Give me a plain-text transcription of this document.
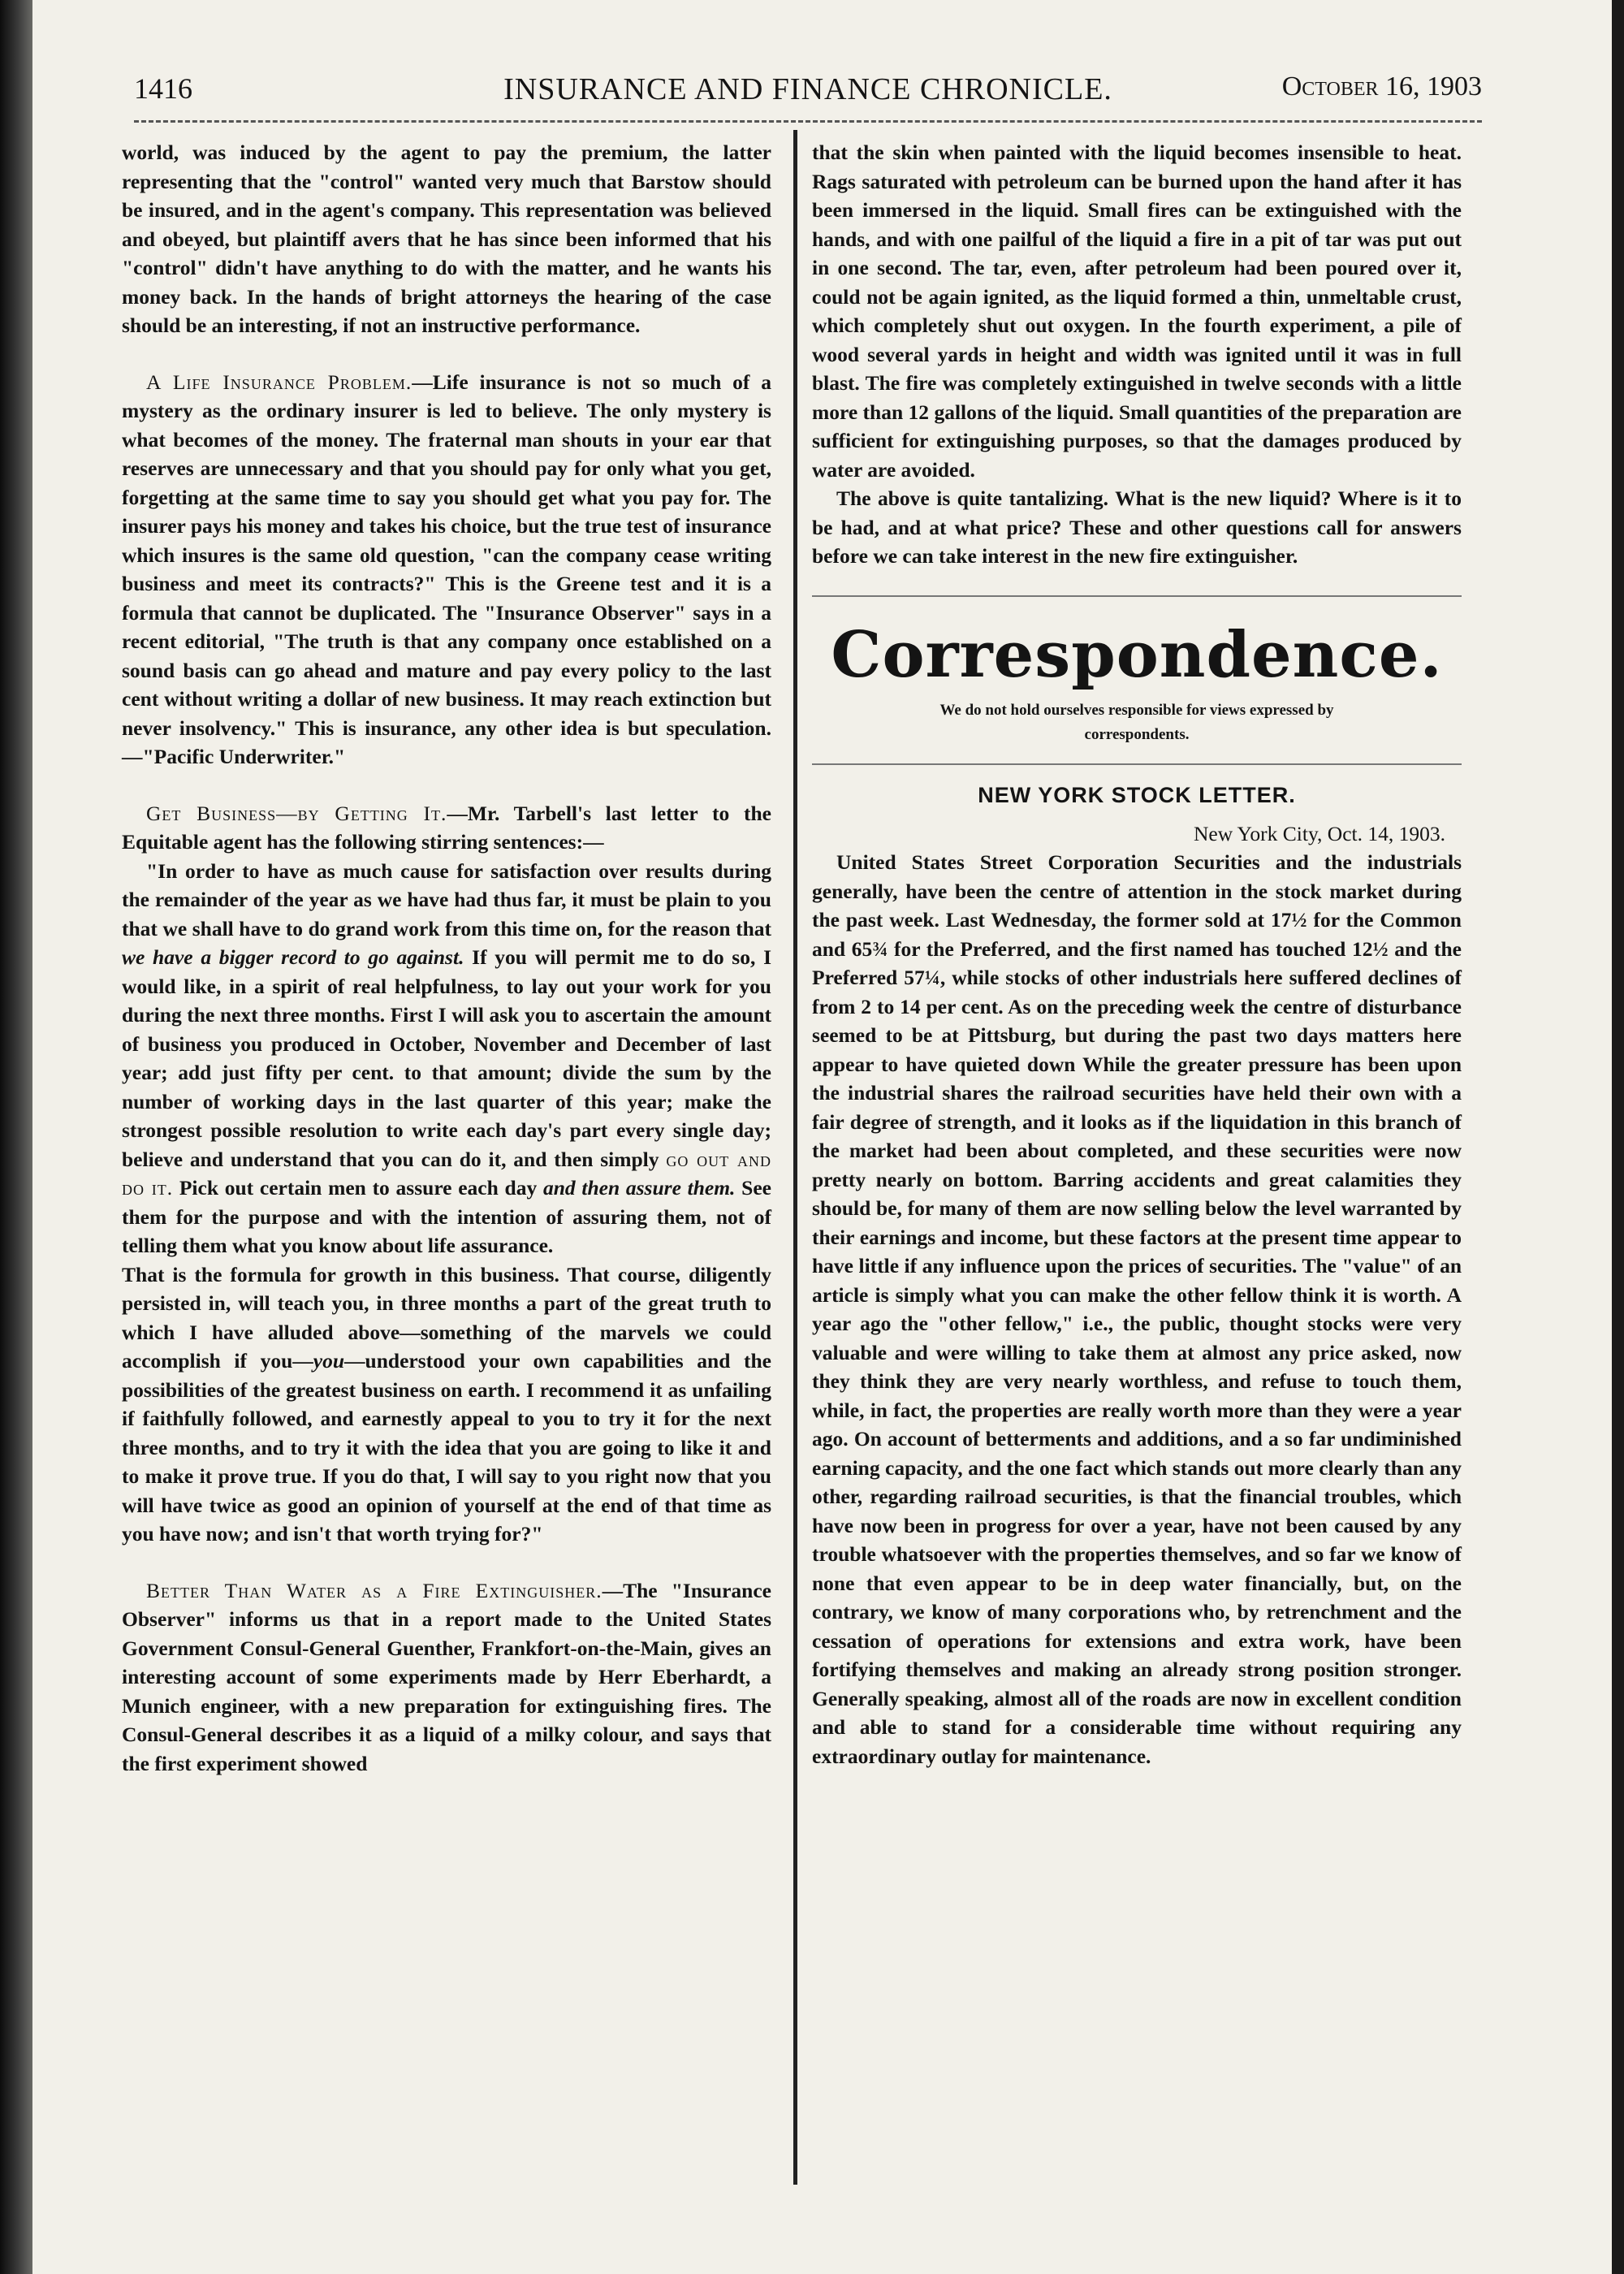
1416	INSURANCE AND FINANCE CHRONICLE.	October 16, 1903

world, was induced by the agent to pay the premium, the latter representing that the "control" wanted very much that Barstow should be insured, and in the agent's company. This representation was believed and obeyed, but plaintiff avers that he has since been informed that his "control" didn't have anything to do with the matter, and he wants his money back. In the hands of bright attorneys the hearing of the case should be an interesting, if not an instructive performance.

A Life Insurance Problem.—Life insurance is not so much of a mystery as the ordinary insurer is led to believe. The only mystery is what becomes of the money. The fraternal man shouts in your ear that reserves are unnecessary and that you should pay for only what you get, forgetting at the same time to say you should get what you pay for. The insurer pays his money and takes his choice, but the true test of insurance which insures is the same old question, "can the company cease writing business and meet its contracts?" This is the Greene test and it is a formula that cannot be duplicated. The "Insurance Observer" says in a recent editorial, "The truth is that any company once established on a sound basis can go ahead and mature and pay every policy to the last cent without writing a dollar of new business. It may reach extinction but never insolvency." This is insurance, any other idea is but speculation.—"Pacific Underwriter."

Get Business—by Getting It.—Mr. Tarbell's last letter to the Equitable agent has the following stirring sentences:—

"In order to have as much cause for satisfaction over results during the remainder of the year as we have had thus far, it must be plain to you that we shall have to do grand work from this time on, for the reason that we have a bigger record to go against. If you will permit me to do so, I would like, in a spirit of real helpfulness, to lay out your work for you during the next three months. First I will ask you to ascertain the amount of business you produced in October, November and December of last year; add just fifty per cent. to that amount; divide the sum by the number of working days in the last quarter of this year; make the strongest possible resolution to write each day's part every single day; believe and understand that you can do it, and then simply go out and do it. Pick out certain men to assure each day and then assure them. See them for the purpose and with the intention of assuring them, not of telling them what you know about life assurance.

That is the formula for growth in this business. That course, diligently persisted in, will teach you, in three months a part of the great truth to which I have alluded above—something of the marvels we could accomplish if you—you—understood your own capabilities and the possibilities of the greatest business on earth. I recommend it as unfailing if faithfully followed, and earnestly appeal to you to try it for the next three months, and to try it with the idea that you are going to like it and to make it prove true. If you do that, I will say to you right now that you will have twice as good an opinion of yourself at the end of that time as you have now; and isn't that worth trying for?"

Better Than Water as a Fire Extinguisher.—The "Insurance Observer" informs us that in a report made to the United States Government Consul-General Guenther, Frankfort-on-the-Main, gives an interesting account of some experiments made by Herr Eberhardt, a Munich engineer, with a new preparation for extinguishing fires. The Consul-General describes it as a liquid of a milky colour, and says that the first experiment showed

that the skin when painted with the liquid becomes insensible to heat. Rags saturated with petroleum can be burned upon the hand after it has been immersed in the liquid. Small fires can be extinguished with the hands, and with one pailful of the liquid a fire in a pit of tar was put out in one second. The tar, even, after petroleum had been poured over it, could not be again ignited, as the liquid formed a thin, unmeltable crust, which completely shut out oxygen. In the fourth experiment, a pile of wood several yards in height and width was ignited until it was in full blast. The fire was completely extinguished in twelve seconds with a little more than 12 gallons of the liquid. Small quantities of the preparation are sufficient for extinguishing purposes, so that the damages produced by water are avoided.

The above is quite tantalizing. What is the new liquid? Where is it to be had, and at what price? These and other questions call for answers before we can take interest in the new fire extinguisher.

Correspondence.
We do not hold ourselves responsible for views expressed by
correspondents.
NEW YORK STOCK LETTER.
New York City, Oct. 14, 1903.

United States Street Corporation Securities and the industrials generally, have been the centre of attention in the stock market during the past week. Last Wednesday, the former sold at 17½ for the Common and 65¾ for the Preferred, and the first named has touched 12½ and the Preferred 57¼, while stocks of other industrials here suffered declines of from 2 to 14 per cent. As on the preceding week the centre of disturbance seemed to be at Pittsburg, but during the past two days matters here appear to have quieted down While the greater pressure has been upon the industrial shares the railroad securities have held their own with a fair degree of strength, and it looks as if the liquidation in this branch of the market had been about completed, and these securities were now pretty nearly on bottom. Barring accidents and great calamities they should be, for many of them are now selling below the level warranted by their earnings and income, but these factors at the present time appear to have little if any influence upon the prices of securities. The "value" of an article is simply what you can make the other fellow think it is worth. A year ago the "other fellow," i.e., the public, thought stocks were very valuable and were willing to take them at almost any price asked, now they think they are very nearly worthless, and refuse to touch them, while, in fact, the properties are really worth more than they were a year ago. On account of betterments and additions, and a so far undiminished earning capacity, and the one fact which stands out more clearly than any other, regarding railroad securities, is that the financial troubles, which have now been in progress for over a year, have not been caused by any trouble whatsoever with the properties themselves, and so far we know of none that even appear to be in deep water financially, but, on the contrary, we know of many corporations who, by retrenchment and the cessation of operations for extensions and extra work, have been fortifying themselves and making an already strong position stronger. Generally speaking, almost all of the roads are now in excellent condition and able to stand for a considerable time without requiring any extraordinary outlay for maintenance.
